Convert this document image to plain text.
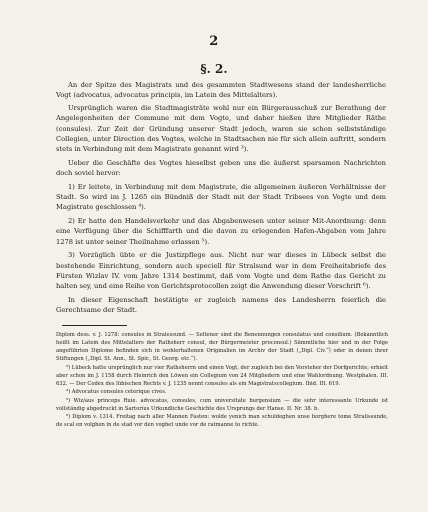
2
§. 2.

An der Spitze des Magistrats und des gesammten Stadtwesens stand der landesherrliche Vogt (advocatus, advocatus principis, im Latein des Mittelalters).

Ursprünglich waren die Stadtmagisträte wohl nur ein Bürgerausschuß zur Berathung der Angelegenheiten der Commune mit dem Vogte, und daher hießen ihre Mitglieder Räthe (consules). Zur Zeit der Gründung unserer Stadt jedoch, waren sie schon selbstständige Collegien, unter Direction des Vogtes, welche in Stadtsachen nie für sich allein auftritt, sondern stets in Verbindung mit dem Magistrate genannt wird ³).

Ueber die Geschäfte des Vogtes hieselbst geben uns die äußerst sparsamen Nachrichten doch soviel hervor:

1) Er leitete, in Verbindung mit dem Magistrate, die allgemeinen äußeren Verhältnisse der Stadt. So wird im J. 1265 ein Bündniß der Stadt mit der Stadt Tribsees von Vogte und dem Magistrate geschlossen ⁴).

2) Er hatte den Handelsverkehr und das Abgabenwesen unter seiner Mit-Anordnung: denn eine Verfügung über die Schifffarth und die davon zu erlegenden Hafen-Abgaben vom Jahre 1278 ist unter seiner Theilnahme erlassen ⁵).

3) Vorzüglich übte er die Justizpflege aus. Nicht nur war dieses in Lübeck selbst die bestehende Einrichtung, sondern auch speciell für Stralsund war in dem Freiheitsbriefe des Fürsten Wizlav IV. vom Jahre 1314 bestimmt, daß vom Vogte und dem Rathe das Gericht zu halten sey, und eine Reihe von Gerichtsprotocollen zeigt die Anwendung dieser Vorschrift ⁶).

In dieser Eigenschaft bestätigte er zugleich namens des Landesherrn feierlich die Gerechtsame der Stadt.

Diplom dess. v. J. 1278: consules in Stralessund. — Seltener sind die Benennungen consulatus und consilium. (Bekanntlich heißt im Latein des Mittelalters der Rathsherr consul, der Bürgermeister proconsul.) Sämmtliche hier und in der Folge angeführten Diplome befinden sich in wohlerhaltenen Originalien im Archiv der Stadt („Dipl. Civ.“) oder in denen ihrer Stiftungen („Dipl. St. Ann., St. Spir., St. Georg. etc.“).

³) Lübeck hatte ursprünglich nur vier Rathsherrn und einen Vogt, der zugleich bei den Vorsteher der Dorfgerichte; erhielt aber schon im J. 1158 durch Heinrich den Löwen ein Collegium von 24 Mitgliedern und eine Wahlordnung. Westphalen. III. 632. — Der Codex des lübischen Rechts v. J. 1235 nennt consules als ein Magistratscollegium. Ibid. III. 619.

⁴) Advocatus consules ceterique cives.

⁵) Wiz/aus princeps Ruie. advocatus, consules, cum universitate burgensium — die sehr interessante Urkunde ist vollständig abgedruckt in Sartorius Urkundliche Geschichte des Ursprungs der Hanse. II. Nr. 38. b.

⁶) Diplom v. 1314. Freitag nach aller Mannen Fasten: wolde yenich man schuldeghen unse borghere tome Stralissunde, de scal en volghen in de stad vor den voghet unde vor de ratmanne to richte.
